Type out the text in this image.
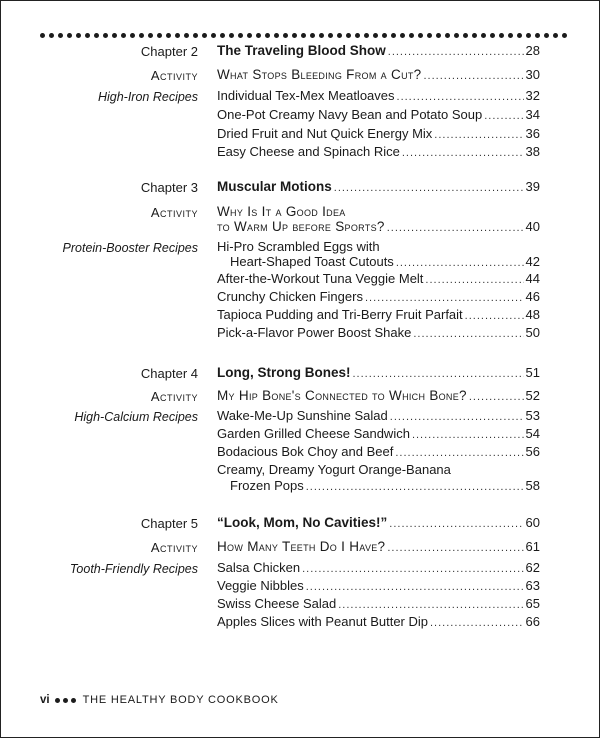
Chapter 2 The Traveling Blood Show .....	28
Activity What Stops Bleeding From a Cut? .....	30
High-Iron Recipes Individual Tex-Mex Meatloaves .....	32
One-Pot Creamy Navy Bean and Potato Soup .....	34
Dried Fruit and Nut Quick Energy Mix .....	36
Easy Cheese and Spinach Rice .....	38
Chapter 3 Muscular Motions .....	39
Activity Why Is It a Good Idea
to Warm Up before Sports? .....	40
Protein-Booster Recipes Hi-Pro Scrambled Eggs with
Heart-Shaped Toast Cutouts .....	42
After-the-Workout Tuna Veggie Melt .....	44
Crunchy Chicken Fingers .....	46
Tapioca Pudding and Tri-Berry Fruit Parfait .....	48
Pick-a-Flavor Power Boost Shake .....	50
Chapter 4 Long, Strong Bones! .....	51
Activity My Hip Bone's Connected to Which Bone? .....	52
High-Calcium Recipes Wake-Me-Up Sunshine Salad .....	53
Garden Grilled Cheese Sandwich .....	54
Bodacious Bok Choy and Beef .....	56
Creamy, Dreamy Yogurt Orange-Banana
Frozen Pops .....	58
Chapter 5 “Look, Mom, No Cavities!” .....	60
Activity How Many Teeth Do I Have? .....	61
Tooth-Friendly Recipes Salsa Chicken .....	62
Veggie Nibbles .....	63
Swiss Cheese Salad .....	65
Apples Slices with Peanut Butter Dip .....	66
vi	THE HEALTHY BODY COOKBOOK
